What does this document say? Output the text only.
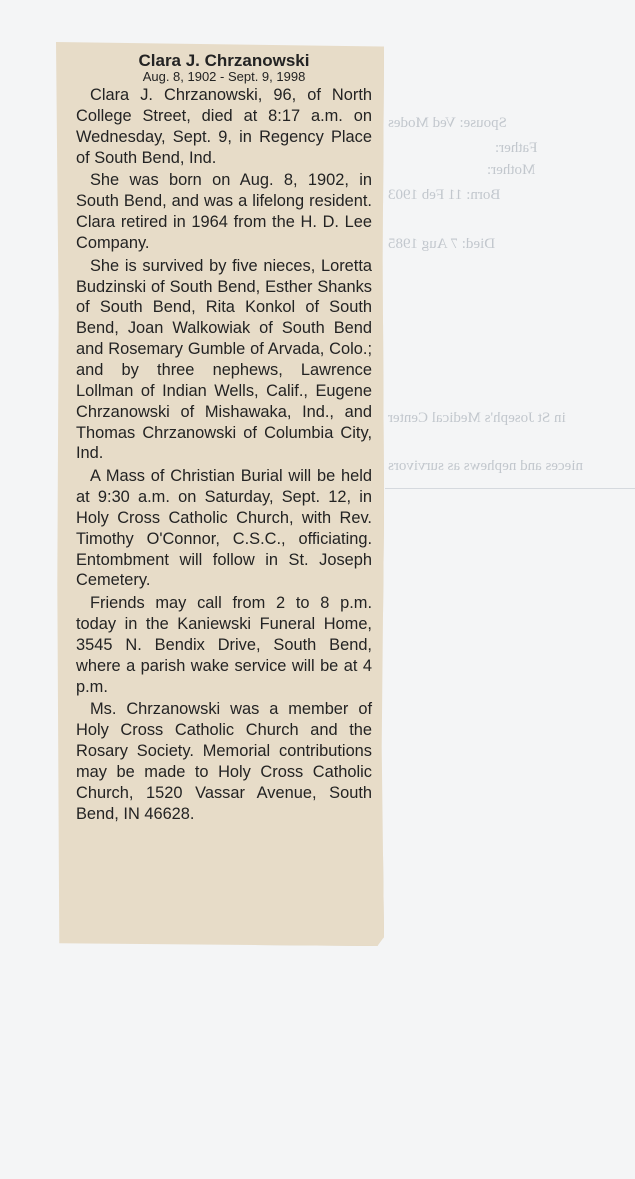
Spouse: Ved Modes
Father:
Mother:
Born: 11 Feb 1903
Died: 7 Aug 1985
in St Joseph's Medical Center
nieces and nephews as survivors
Clara J. Chrzanowski
Aug. 8, 1902 - Sept. 9, 1998

Clara J. Chrzanowski, 96, of North College Street, died at 8:17 a.m. on Wednesday, Sept. 9, in Regency Place of South Bend, Ind.

She was born on Aug. 8, 1902, in South Bend, and was a lifelong resident. Clara retired in 1964 from the H. D. Lee Company.

She is survived by five nieces, Loretta Budzinski of South Bend, Esther Shanks of South Bend, Rita Konkol of South Bend, Joan Walkowiak of South Bend and Rosemary Gumble of Arvada, Colo.; and by three nephews, Lawrence Lollman of Indian Wells, Calif., Eugene Chrzanowski of Mishawaka, Ind., and Thomas Chrzanowski of Columbia City, Ind.

A Mass of Christian Burial will be held at 9:30 a.m. on Saturday, Sept. 12, in Holy Cross Catholic Church, with Rev. Timothy O'Connor, C.S.C., officiating. Entombment will follow in St. Joseph Cemetery.

Friends may call from 2 to 8 p.m. today in the Kaniewski Funeral Home, 3545 N. Bendix Drive, South Bend, where a parish wake service will be at 4 p.m.

Ms. Chrzanowski was a member of Holy Cross Catholic Church and the Rosary Society. Memorial contributions may be made to Holy Cross Catholic Church, 1520 Vassar Avenue, South Bend, IN 46628.
